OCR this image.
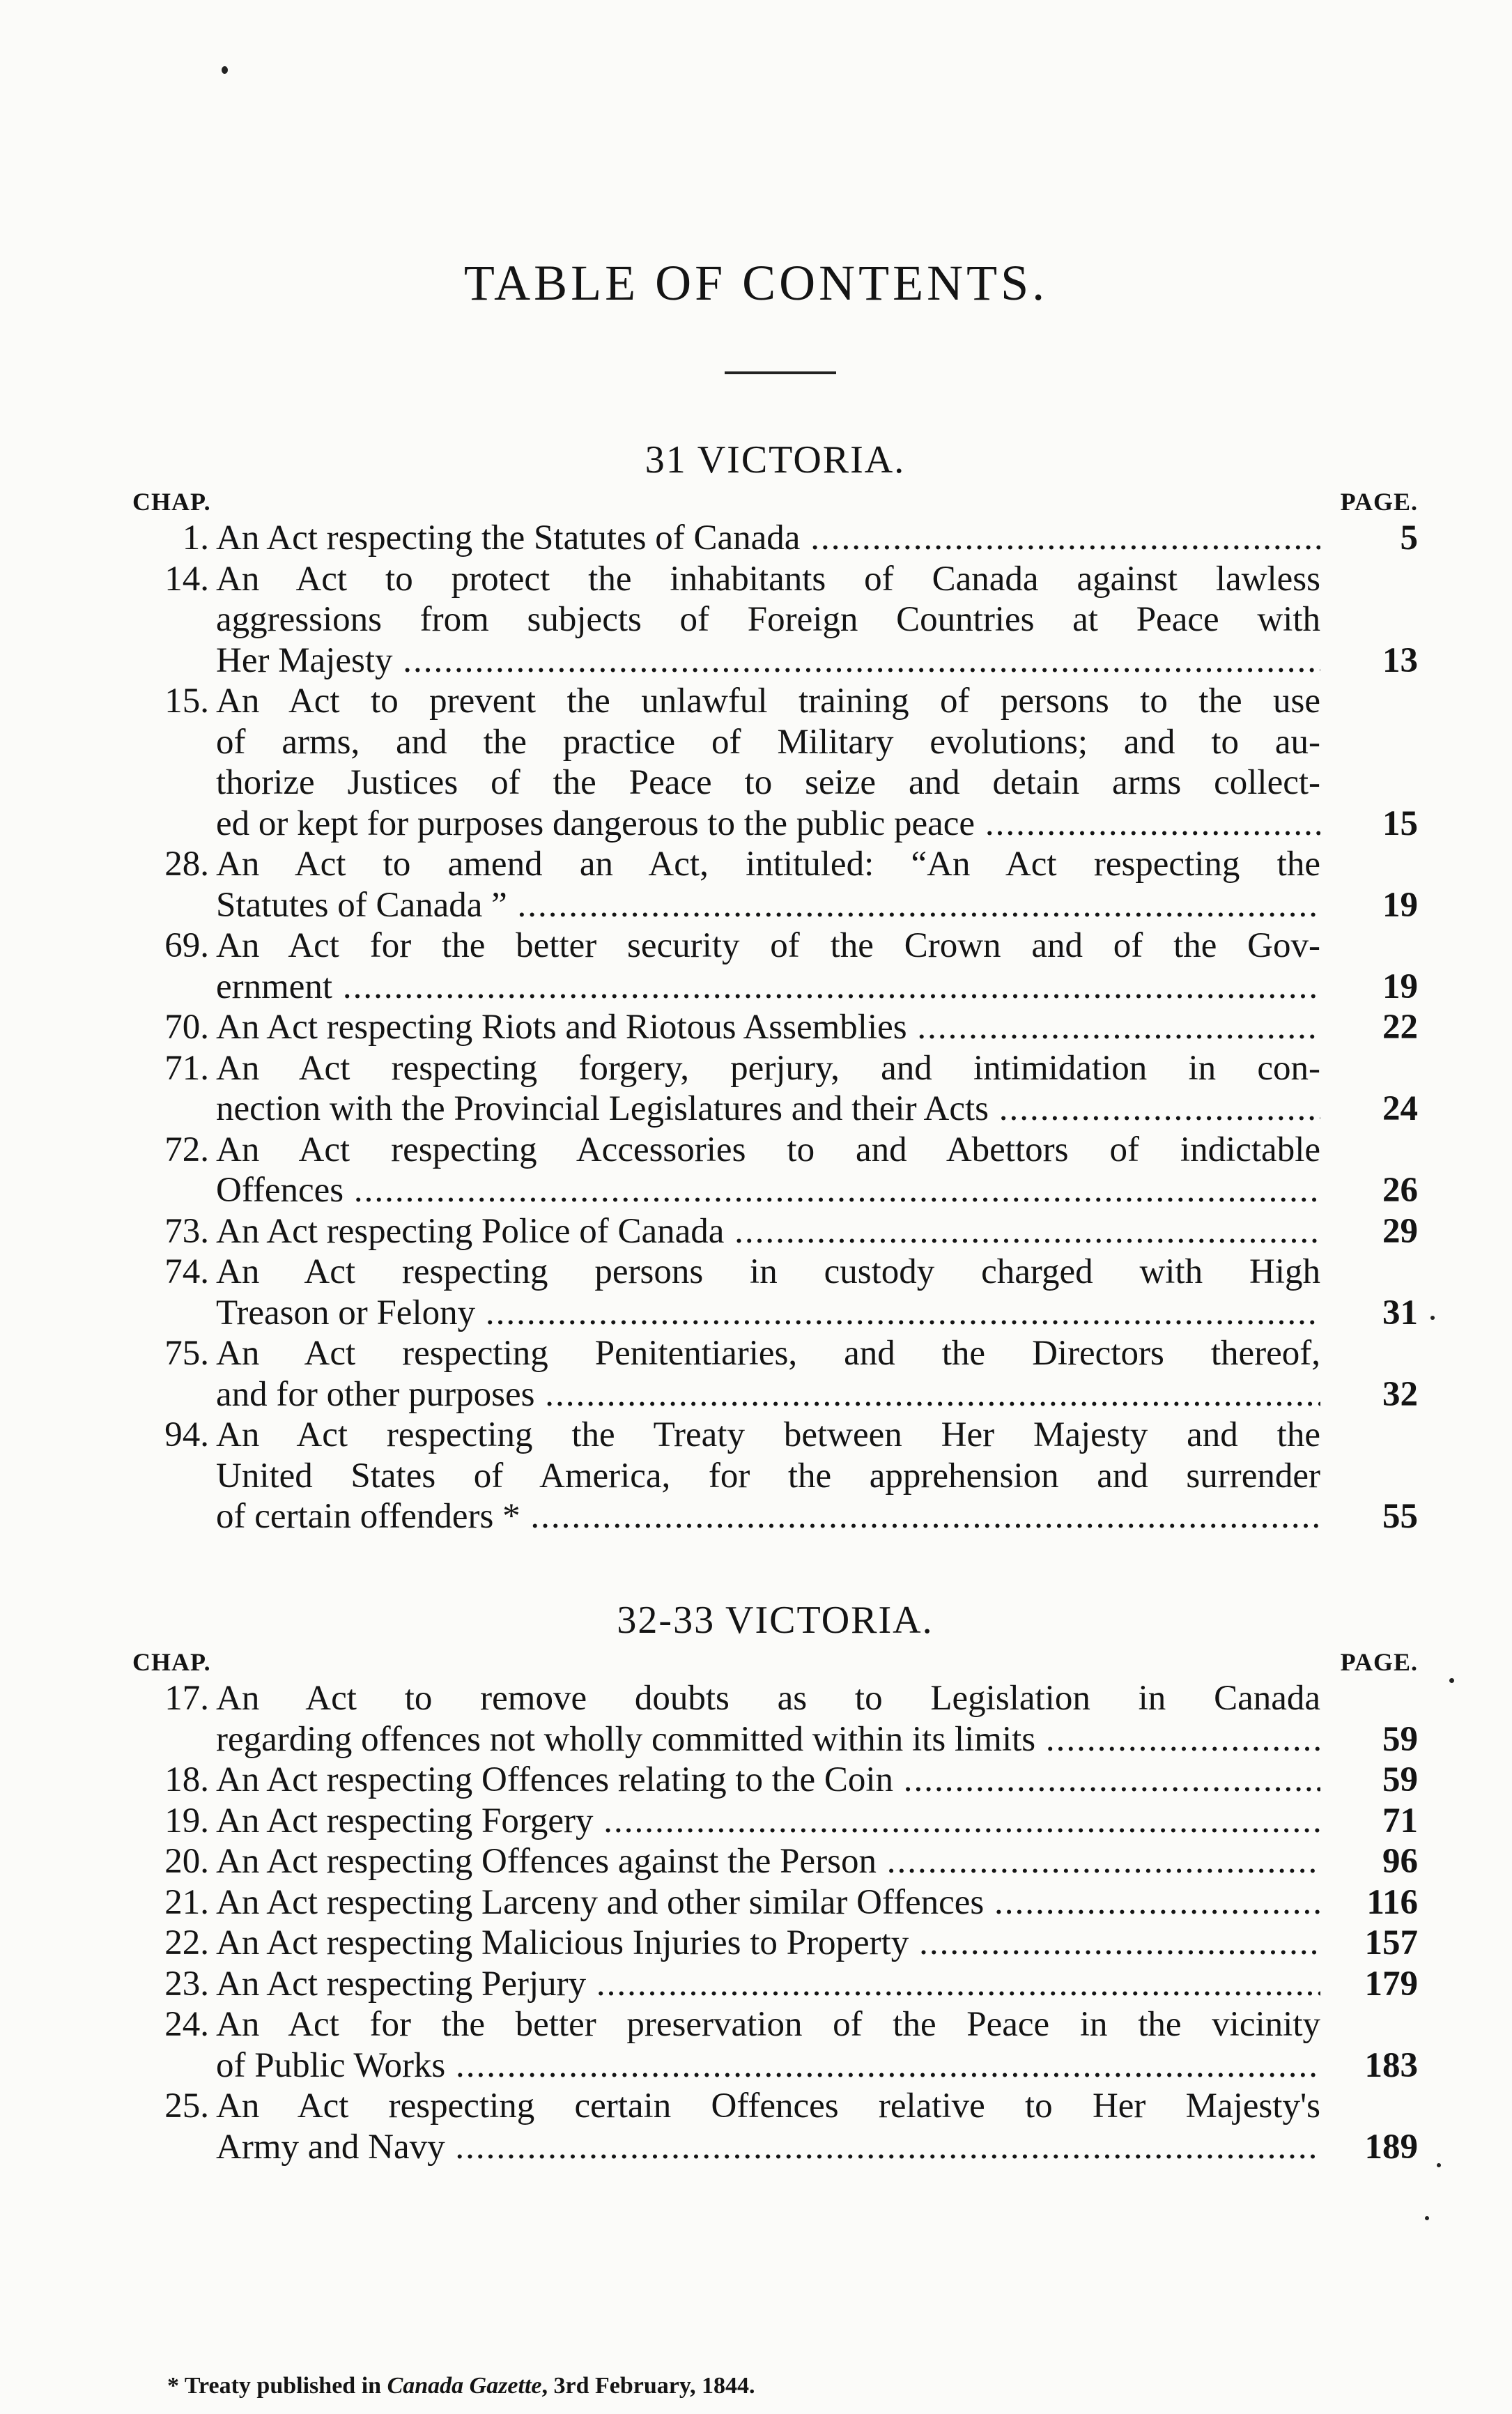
TABLE OF CONTENTS.
31 VICTORIA.
CHAP.	PAGE.
1. An Act respecting the Statutes of Canada .....	5
14. An Act to protect the inhabitants of Canada against lawless
aggressions from subjects of Foreign Countries at Peace with
Her Majesty .....	13
15. An Act to prevent the unlawful training of persons to the use
of arms, and the practice of Military evolutions; and to au-
thorize Justices of the Peace to seize and detain arms collect-
ed or kept for purposes dangerous to the public peace .....	15
28. An Act to amend an Act, intituled: “An Act respecting the
Statutes of Canada ” .....	19
69. An Act for the better security of the Crown and of the Gov-
ernment .....	19
70. An Act respecting Riots and Riotous Assemblies .....	22
71. An Act respecting forgery, perjury, and intimidation in con-
nection with the Provincial Legislatures and their Acts .....	24
72. An Act respecting Accessories to and Abettors of indictable
Offences .....	26
73. An Act respecting Police of Canada .....	29
74. An Act respecting persons in custody charged with High
Treason or Felony .....	31
75. An Act respecting Penitentiaries, and the Directors thereof,
and for other purposes .....	32
94. An Act respecting the Treaty between Her Majesty and the
United States of America, for the apprehension and surrender
of certain offenders * .....	55
32-33 VICTORIA.
CHAP.	PAGE.
17. An Act to remove doubts as to Legislation in Canada
regarding offences not wholly committed within its limits .....	59
18. An Act respecting Offences relating to the Coin .....	59
19. An Act respecting Forgery .....	71
20. An Act respecting Offences against the Person .....	96
21. An Act respecting Larceny and other similar Offences .....	116
22. An Act respecting Malicious Injuries to Property .....	157
23. An Act respecting Perjury .....	179
24. An Act for the better preservation of the Peace in the vicinity
of Public Works .....	183
25. An Act respecting certain Offences relative to Her Majesty's
Army and Navy .....	189
* Treaty published in Canada Gazette, 3rd February, 1844.
